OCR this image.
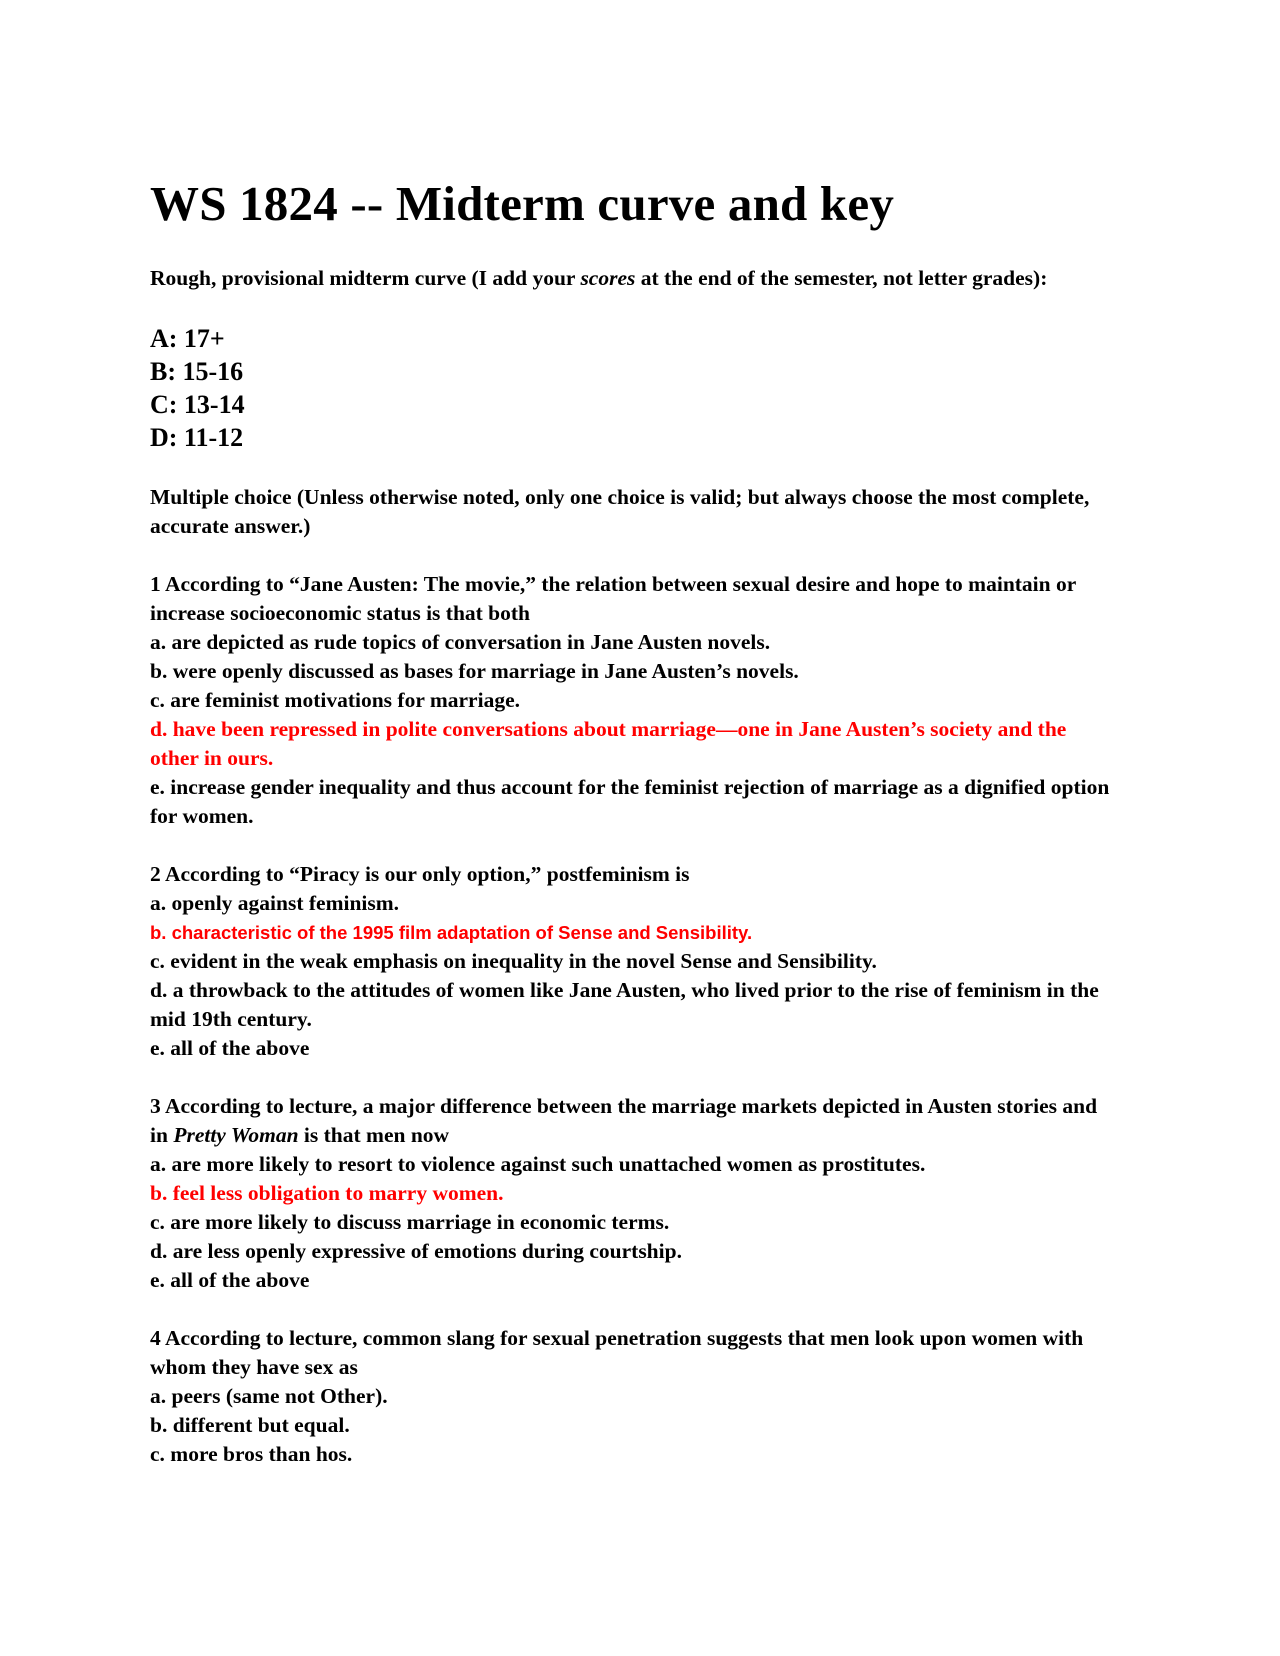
WS 1824 -- Midterm curve and key

Rough, provisional midterm curve (I add your scores at the end of the semester, not letter grades):

A: 17+

B: 15-16

C: 13-14

D: 11-12

Multiple choice (Unless otherwise noted, only one choice is valid; but always choose the most complete, accurate answer.)

1 According to “Jane Austen: The movie,” the relation between sexual desire and hope to maintain or increase socioeconomic status is that both

a. are depicted as rude topics of conversation in Jane Austen novels.

b. were openly discussed as bases for marriage in Jane Austen’s novels.

c. are feminist motivations for marriage.

d. have been repressed in polite conversations about marriage—one in Jane Austen’s society and the other in ours.

e. increase gender inequality and thus account for the feminist rejection of marriage as a dignified option for women.

2 According to “Piracy is our only option,” postfeminism is

a. openly against feminism.

b. characteristic of the 1995 film adaptation of Sense and Sensibility.

c. evident in the weak emphasis on inequality in the novel Sense and Sensibility.

d. a throwback to the attitudes of women like Jane Austen, who lived prior to the rise of feminism in the mid 19th century.

e. all of the above

3 According to lecture, a major difference between the marriage markets depicted in Austen stories and in Pretty Woman is that men now

a. are more likely to resort to violence against such unattached women as prostitutes.

b. feel less obligation to marry women.

c. are more likely to discuss marriage in economic terms.

d. are less openly expressive of emotions during courtship.

e. all of the above

4 According to lecture, common slang for sexual penetration suggests that men look upon women with whom they have sex as

a. peers (same not Other).

b. different but equal.

c. more bros than hos.
